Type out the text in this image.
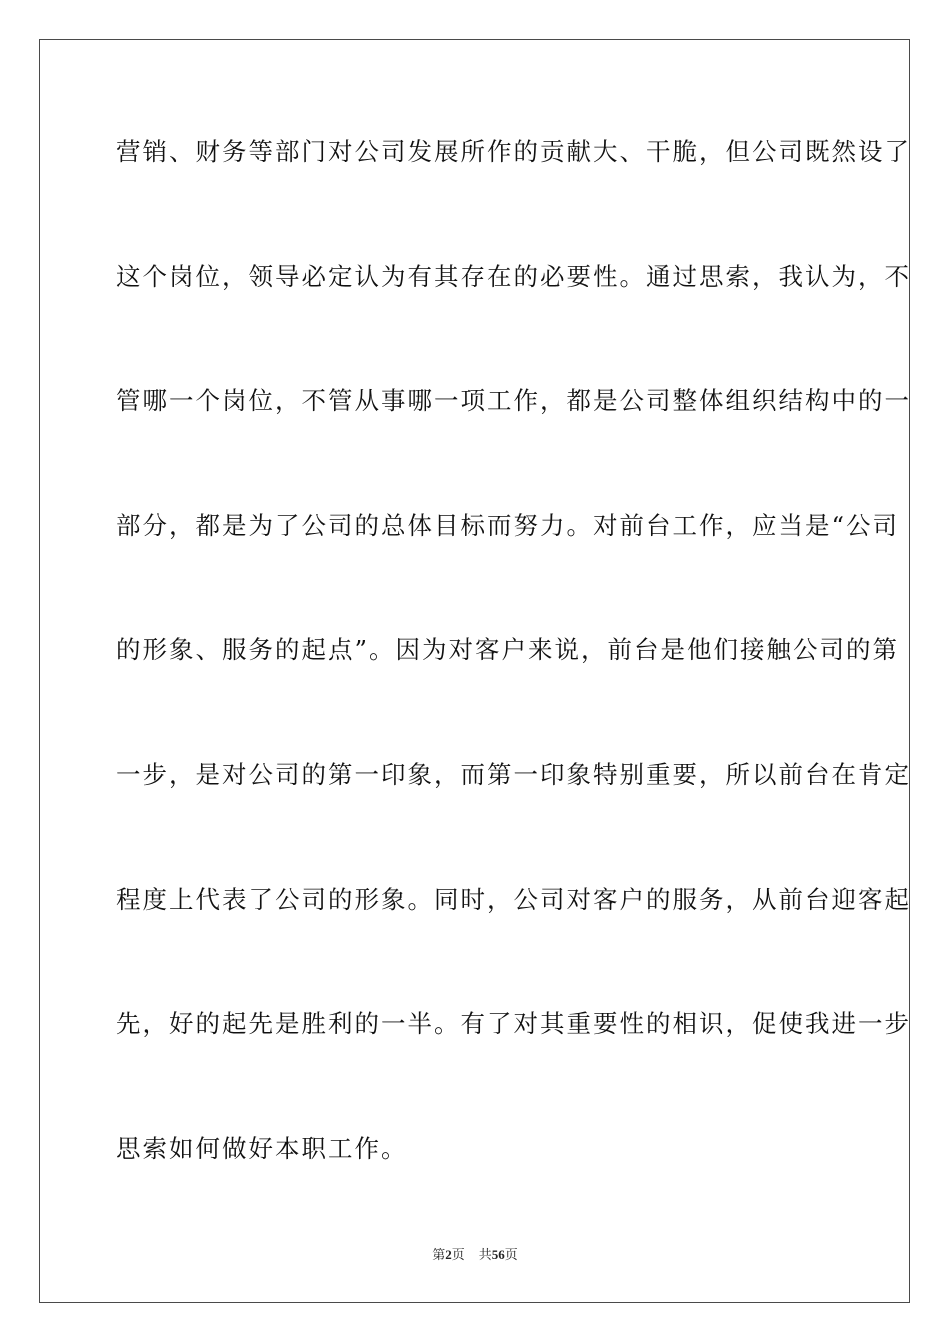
营销、财务等部门对公司发展所作的贡献大、干脆，但公司既然设了
这个岗位，领导必定认为有其存在的必要性。通过思索，我认为，不
管哪一个岗位，不管从事哪一项工作，都是公司整体组织结构中的一
部分，都是为了公司的总体目标而努力。对前台工作，应当是“公司
的形象、服务的起点”。因为对客户来说，前台是他们接触公司的第
一步，是对公司的第一印象，而第一印象特别重要，所以前台在肯定
程度上代表了公司的形象。同时，公司对客户的服务，从前台迎客起
先，好的起先是胜利的一半。有了对其重要性的相识，促使我进一步
思索如何做好本职工作。
第2页 共56页
